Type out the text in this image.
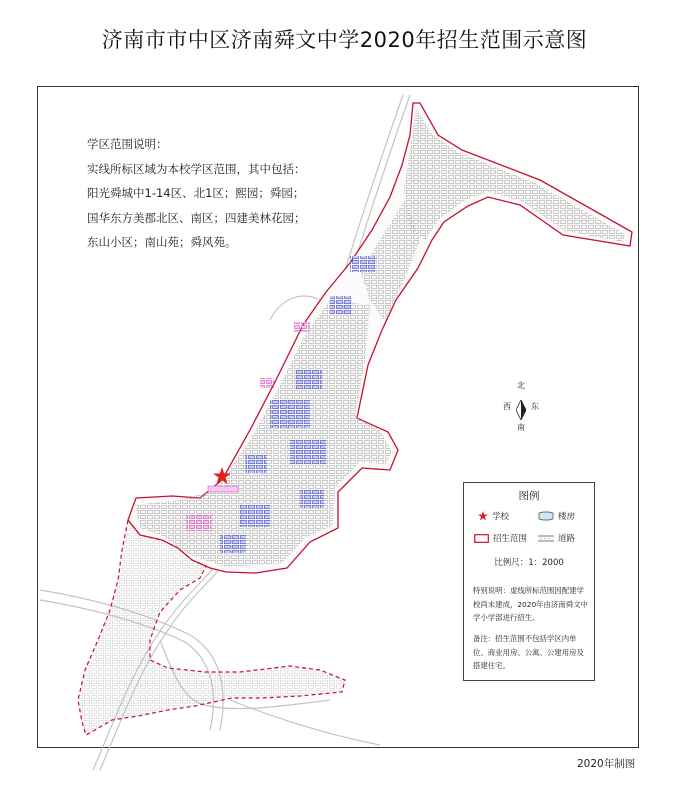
济南市市中区济南舜文中学2020年招生范围示意图
学区范围说明：
实线所标区域为本校学区范围，其中包括：
阳光舜城中1-14区、北1区；熙园；舜园；
国华东方美郡北区、南区；四建美林花园；
东山小区；南山苑；舜风苑。
北
南
西	东
图例
学校	楼房
招生范围	道路
比例尺：1：2000
特别说明：虚线所标范围因配建学校尚未建成，2020年由济南舜文中学小学部进行招生。
备注：招生范围不包括学区内单位、商业用房、公寓、公建用房及搭建住宅。
2020年制图
